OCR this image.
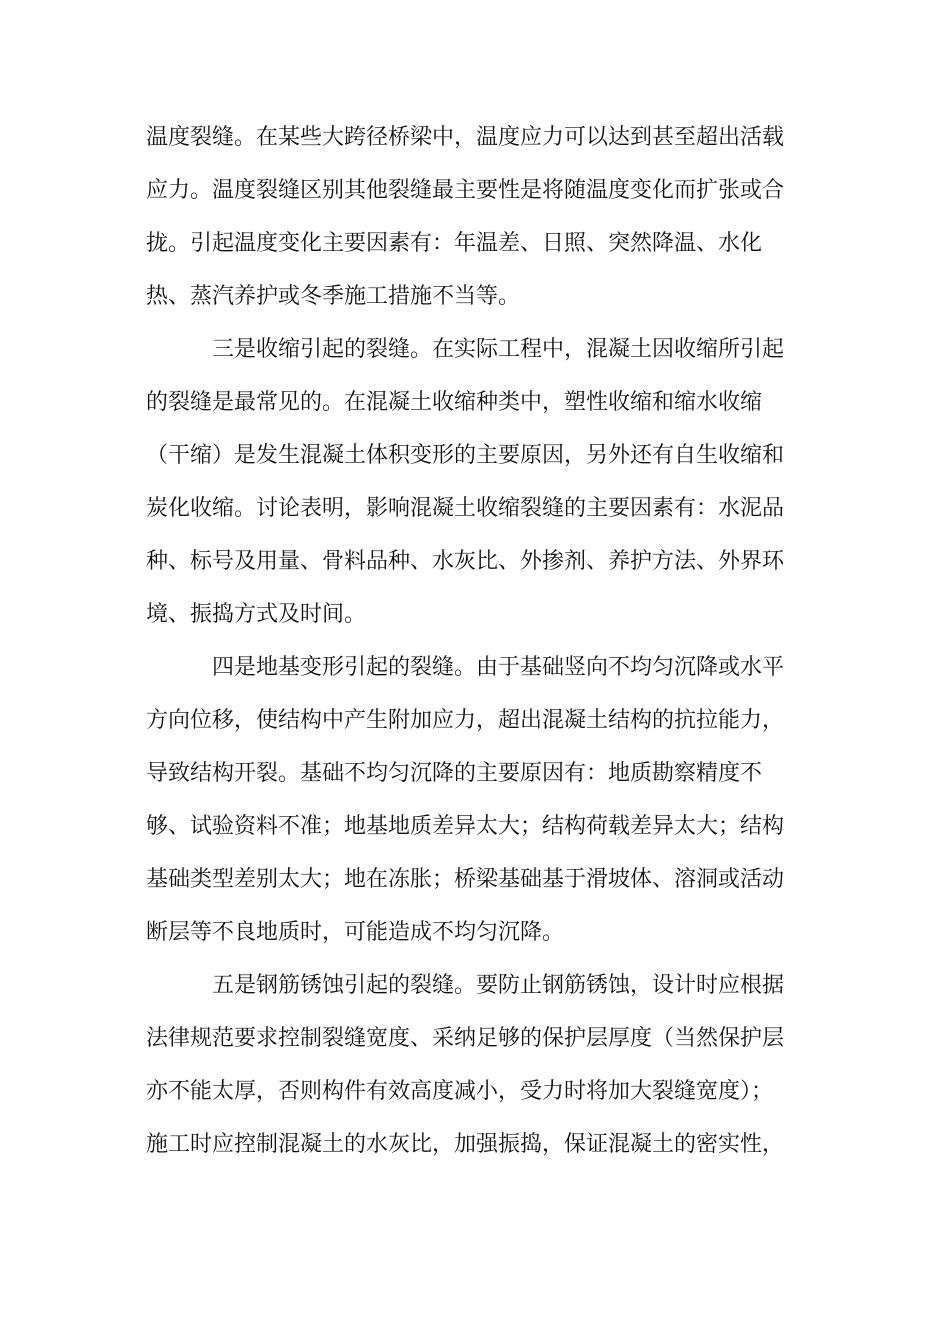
温度裂缝。在某些大跨径桥梁中，温度应力可以达到甚至超出活载
应力。温度裂缝区别其他裂缝最主要性是将随温度变化而扩张或合
拢。引起温度变化主要因素有：年温差、日照、突然降温、水化
热、蒸汽养护或冬季施工措施不当等。
三是收缩引起的裂缝。在实际工程中，混凝土因收缩所引起
的裂缝是最常见的。在混凝土收缩种类中，塑性收缩和缩水收缩
（干缩）是发生混凝土体积变形的主要原因，另外还有自生收缩和
炭化收缩。讨论表明，影响混凝土收缩裂缝的主要因素有：水泥品
种、标号及用量、骨料品种、水灰比、外掺剂、养护方法、外界环
境、振捣方式及时间。
四是地基变形引起的裂缝。由于基础竖向不均匀沉降或水平
方向位移，使结构中产生附加应力，超出混凝土结构的抗拉能力，
导致结构开裂。基础不均匀沉降的主要原因有：地质勘察精度不
够、试验资料不准；地基地质差异太大；结构荷载差异太大；结构
基础类型差别太大；地在冻胀；桥梁基础基于滑坡体、溶洞或活动
断层等不良地质时，可能造成不均匀沉降。
五是钢筋锈蚀引起的裂缝。要防止钢筋锈蚀，设计时应根据
法律规范要求控制裂缝宽度、采纳足够的保护层厚度（当然保护层
亦不能太厚，否则构件有效高度减小，受力时将加大裂缝宽度）；
施工时应控制混凝土的水灰比，加强振捣，保证混凝土的密实性，
